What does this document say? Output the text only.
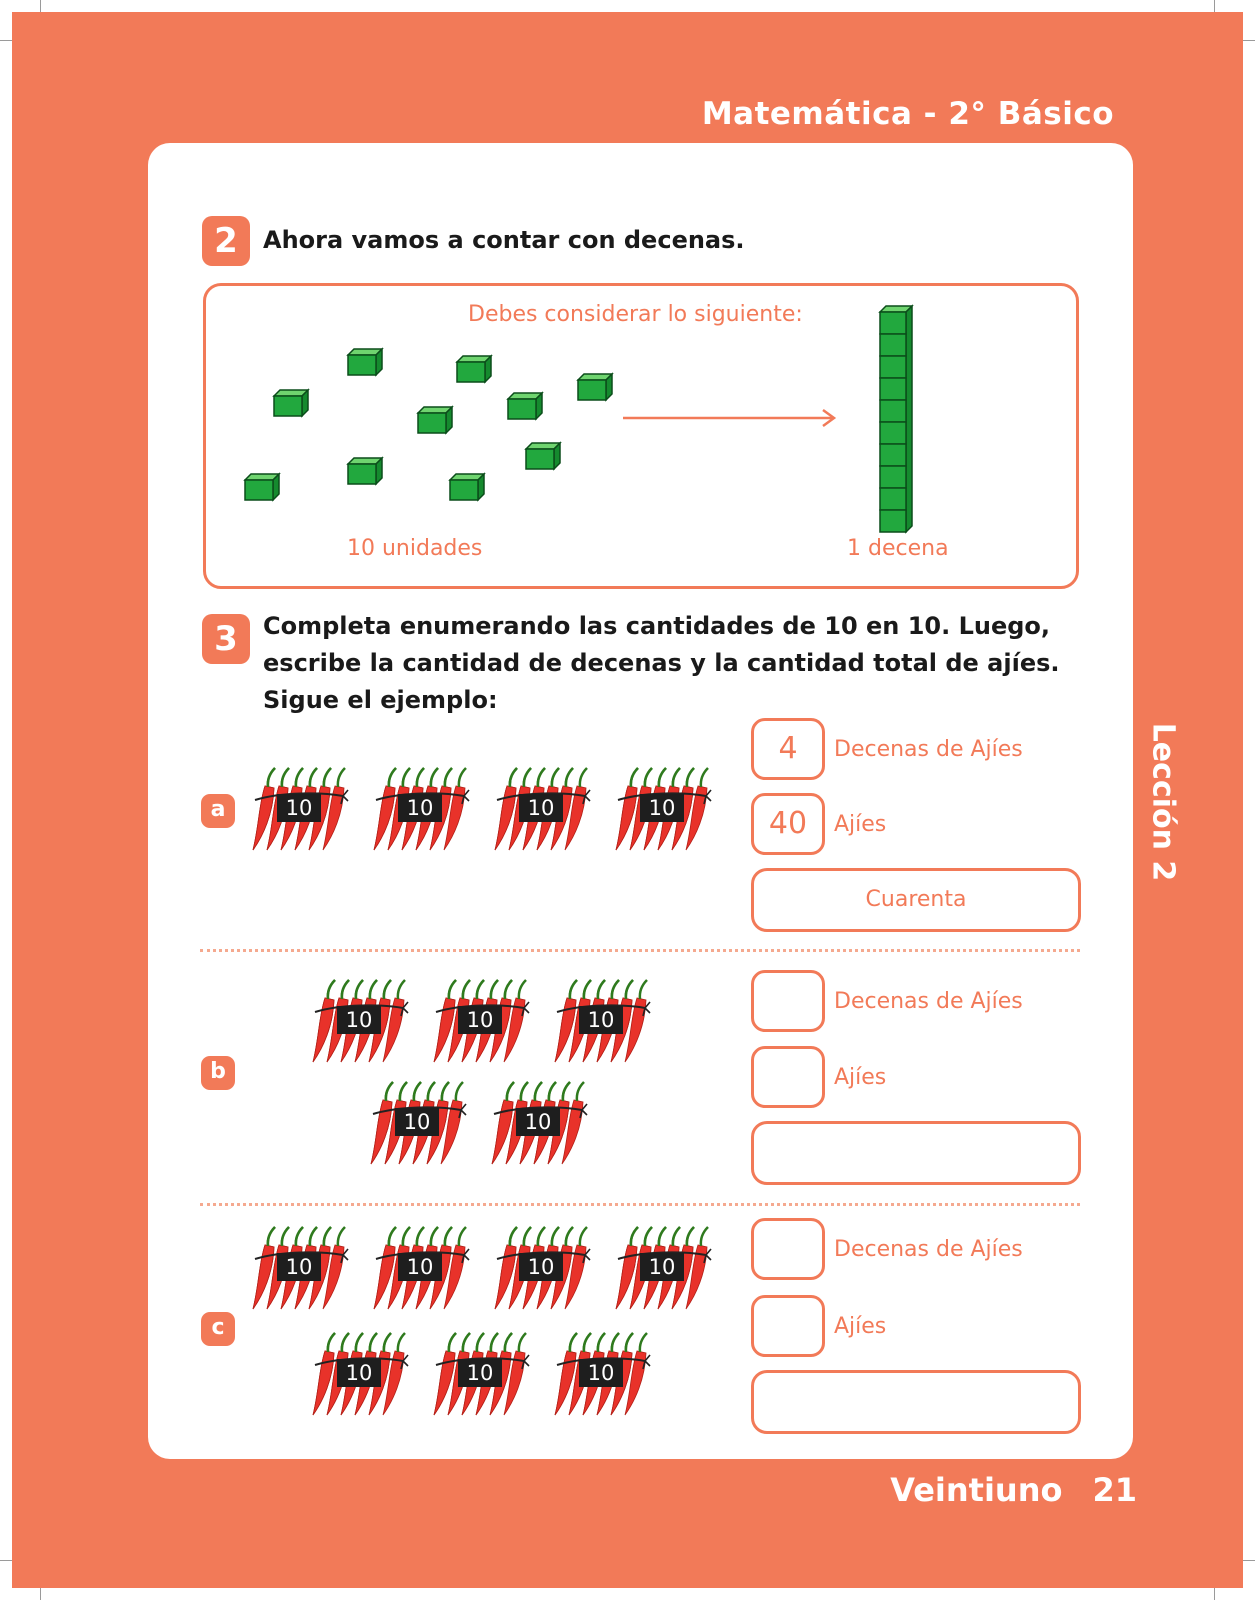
Matemática - 2° Básico
Lección 2
Veintiuno 21
2	Ahora vamos a contar con decenas.
Debes considerar lo siguiente:
10 unidades	1 decena
3	Completa enumerando las cantidades de 10 en 10. Luego,
escribe la cantidad de decenas y la cantidad total de ajíes.
Sigue el ejemplo:
a	10	10	10	10
4	Decenas de Ajíes
40	Ajíes
Cuarenta
b
10	10	10
10	10
Decenas de Ajíes
Ajíes
c
10	10	10	10
10	10	10
Decenas de Ajíes
Ajíes
